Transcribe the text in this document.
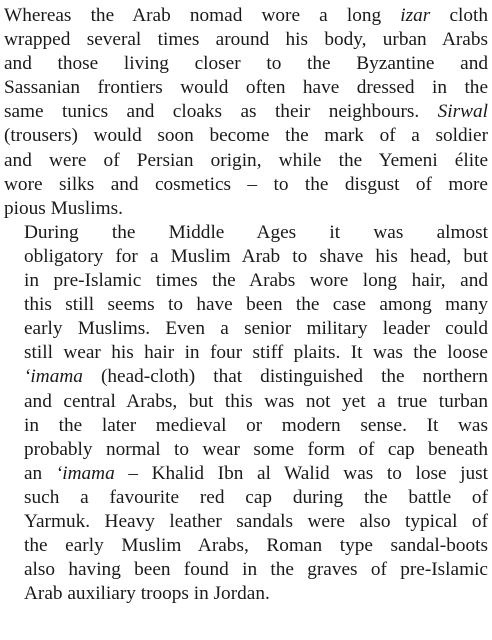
Whereas the Arab nomad wore a long izar cloth
wrapped several times around his body, urban Arabs
and those living closer to the Byzantine and
Sassanian frontiers would often have dressed in the
same tunics and cloaks as their neighbours. Sirwal
(trousers) would soon become the mark of a soldier
and were of Persian origin, while the Yemeni élite
wore silks and cosmetics – to the disgust of more
pious Muslims.

During the Middle Ages it was almost
obligatory for a Muslim Arab to shave his head, but
in pre-Islamic times the Arabs wore long hair, and
this still seems to have been the case among many
early Muslims. Even a senior military leader could
still wear his hair in four stiff plaits. It was the loose
‘imama (head-cloth) that distinguished the northern
and central Arabs, but this was not yet a true turban
in the later medieval or modern sense. It was
probably normal to wear some form of cap beneath
an ‘imama – Khalid Ibn al Walid was to lose just
such a favourite red cap during the battle of
Yarmuk. Heavy leather sandals were also typical of
the early Muslim Arabs, Roman type sandal-boots
also having been found in the graves of pre-Islamic
Arab auxiliary troops in Jordan.
